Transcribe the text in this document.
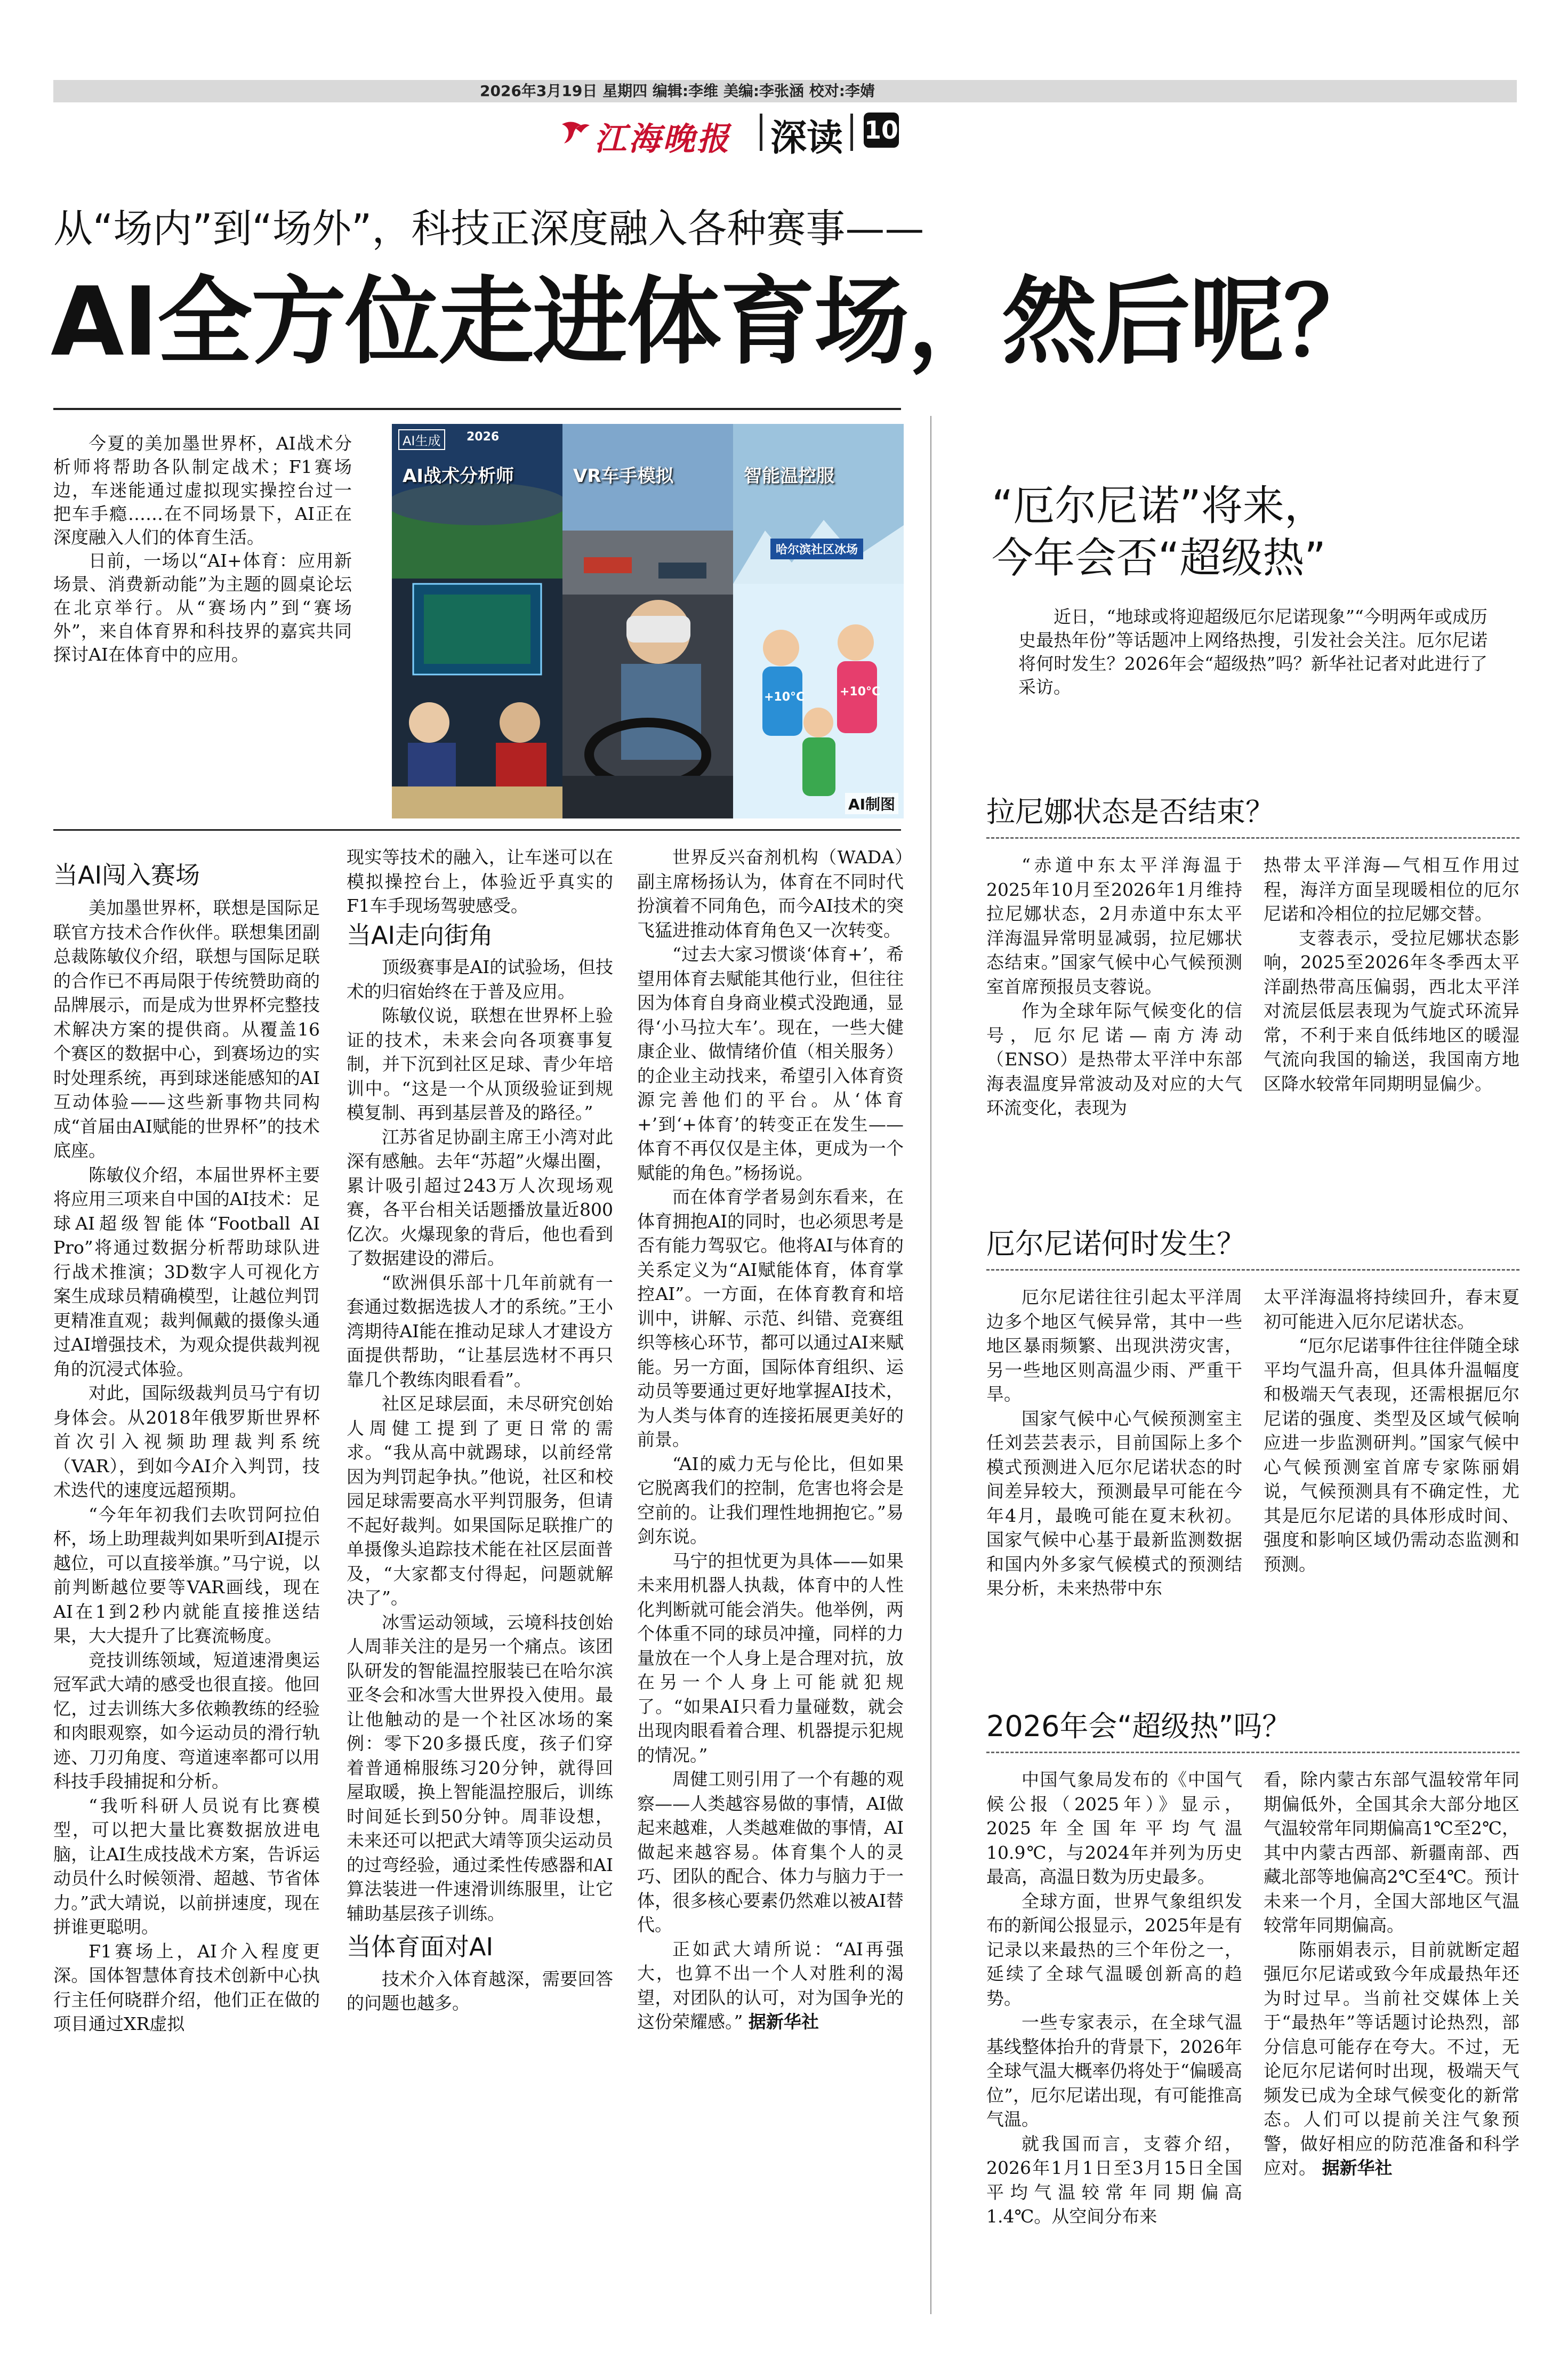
2026年3月19日 星期四 编辑:李维 美编:李张涵 校对:李婧
江海晚报 深读 10
从“场内”到“场外”，科技正深度融入各种赛事——
AI全方位走进体育场，然后呢？

今夏的美加墨世界杯，AI战术分析师将帮助各队制定战术；F1赛场边，车迷能通过虚拟现实操控台过一把车手瘾……在不同场景下，AI正在深度融入人们的体育生活。

日前，一场以“AI+体育：应用新场景、消费新动能”为主题的圆桌论坛在北京举行。从“赛场内”到“赛场外”，来自体育界和科技界的嘉宾共同探讨AI在体育中的应用。

AI生成	2026
AI战术分析师	VR车手模拟	智能温控服
哈尔滨社区冰场
+10°C	+10°C
AI制图
当AI闯入赛场

美加墨世界杯，联想是国际足联官方技术合作伙伴。联想集团副总裁陈敏仪介绍，联想与国际足联的合作已不再局限于传统赞助商的品牌展示，而是成为世界杯完整技术解决方案的提供商。从覆盖16个赛区的数据中心，到赛场边的实时处理系统，再到球迷能感知的AI互动体验——这些新事物共同构成“首届由AI赋能的世界杯”的技术底座。

陈敏仪介绍，本届世界杯主要将应用三项来自中国的AI技术：足球AI超级智能体“Football AI Pro”将通过数据分析帮助球队进行战术推演；3D数字人可视化方案生成球员精确模型，让越位判罚更精准直观；裁判佩戴的摄像头通过AI增强技术，为观众提供裁判视角的沉浸式体验。

对此，国际级裁判员马宁有切身体会。从2018年俄罗斯世界杯首次引入视频助理裁判系统（VAR），到如今AI介入判罚，技术迭代的速度远超预期。

“今年年初我们去吹罚阿拉伯杯，场上助理裁判如果听到AI提示越位，可以直接举旗。”马宁说，以前判断越位要等VAR画线，现在AI在1到2秒内就能直接推送结果，大大提升了比赛流畅度。

竞技训练领域，短道速滑奥运冠军武大靖的感受也很直接。他回忆，过去训练大多依赖教练的经验和肉眼观察，如今运动员的滑行轨迹、刀刃角度、弯道速率都可以用科技手段捕捉和分析。

“我听科研人员说有比赛模型，可以把大量比赛数据放进电脑，让AI生成技战术方案，告诉运动员什么时候领滑、超越、节省体力。”武大靖说，以前拼速度，现在拼谁更聪明。

F1赛场上，AI介入程度更深。国体智慧体育技术创新中心执行主任何晓群介绍，他们正在做的项目通过XR虚拟

现实等技术的融入，让车迷可以在模拟操控台上，体验近乎真实的F1车手现场驾驶感受。

当AI走向街角

顶级赛事是AI的试验场，但技术的归宿始终在于普及应用。

陈敏仪说，联想在世界杯上验证的技术，未来会向各项赛事复制，并下沉到社区足球、青少年培训中。“这是一个从顶级验证到规模复制、再到基层普及的路径。”

江苏省足协副主席王小湾对此深有感触。去年“苏超”火爆出圈，累计吸引超过243万人次现场观赛，各平台相关话题播放量近800亿次。火爆现象的背后，他也看到了数据建设的滞后。

“欧洲俱乐部十几年前就有一套通过数据选拔人才的系统。”王小湾期待AI能在推动足球人才建设方面提供帮助，“让基层选材不再只靠几个教练肉眼看看”。

社区足球层面，未尽研究创始人周健工提到了更日常的需求。“我从高中就踢球，以前经常因为判罚起争执。”他说，社区和校园足球需要高水平判罚服务，但请不起好裁判。如果国际足联推广的单摄像头追踪技术能在社区层面普及，“大家都支付得起，问题就解决了”。

冰雪运动领域，云境科技创始人周菲关注的是另一个痛点。该团队研发的智能温控服装已在哈尔滨亚冬会和冰雪大世界投入使用。最让他触动的是一个社区冰场的案例：零下20多摄氏度，孩子们穿着普通棉服练习20分钟，就得回屋取暖，换上智能温控服后，训练时间延长到50分钟。周菲设想，未来还可以把武大靖等顶尖运动员的过弯经验，通过柔性传感器和AI算法装进一件速滑训练服里，让它辅助基层孩子训练。

当体育面对AI

技术介入体育越深，需要回答的问题也越多。

世界反兴奋剂机构（WADA）副主席杨扬认为，体育在不同时代扮演着不同角色，而今AI技术的突飞猛进推动体育角色又一次转变。

“过去大家习惯谈‘体育+’，希望用体育去赋能其他行业，但往往因为体育自身商业模式没跑通，显得‘小马拉大车’。现在，一些大健康企业、做情绪价值（相关服务）的企业主动找来，希望引入体育资源完善他们的平台。从‘体育+’到‘+体育’的转变正在发生——体育不再仅仅是主体，更成为一个赋能的角色。”杨扬说。

而在体育学者易剑东看来，在体育拥抱AI的同时，也必须思考是否有能力驾驭它。他将AI与体育的关系定义为“AI赋能体育，体育掌控AI”。一方面，在体育教育和培训中，讲解、示范、纠错、竞赛组织等核心环节，都可以通过AI来赋能。另一方面，国际体育组织、运动员等要通过更好地掌握AI技术，为人类与体育的连接拓展更美好的前景。

“AI的威力无与伦比，但如果它脱离我们的控制，危害也将会是空前的。让我们理性地拥抱它。”易剑东说。

马宁的担忧更为具体——如果未来用机器人执裁，体育中的人性化判断就可能会消失。他举例，两个体重不同的球员冲撞，同样的力量放在一个人身上是合理对抗，放在另一个人身上可能就犯规了。“如果AI只看力量碰数，就会出现肉眼看着合理、机器提示犯规的情况。”

周健工则引用了一个有趣的观察——人类越容易做的事情，AI做起来越难，人类越难做的事情，AI做起来越容易。体育集个人的灵巧、团队的配合、体力与脑力于一体，很多核心要素仍然难以被AI替代。

正如武大靖所说：“AI再强大，也算不出一个人对胜利的渴望，对团队的认可，对为国争光的这份荣耀感。” 据新华社

“厄尔尼诺”将来，
今年会否“超级热”

近日，“地球或将迎超级厄尔尼诺现象”“今明两年或成历史最热年份”等话题冲上网络热搜，引发社会关注。厄尔尼诺将何时发生？2026年会“超级热”吗？新华社记者对此进行了采访。

拉尼娜状态是否结束？

“赤道中东太平洋海温于2025年10月至2026年1月维持拉尼娜状态，2月赤道中东太平洋海温异常明显减弱，拉尼娜状态结束。”国家气候中心气候预测室首席预报员支蓉说。

作为全球年际气候变化的信号，厄尔尼诺—南方涛动（ENSO）是热带太平洋中东部海表温度异常波动及对应的大气环流变化，表现为

热带太平洋海—气相互作用过程，海洋方面呈现暖相位的厄尔尼诺和冷相位的拉尼娜交替。

支蓉表示，受拉尼娜状态影响，2025至2026年冬季西太平洋副热带高压偏弱，西北太平洋对流层低层表现为气旋式环流异常，不利于来自低纬地区的暖湿气流向我国的输送，我国南方地区降水较常年同期明显偏少。

厄尔尼诺何时发生？

厄尔尼诺往往引起太平洋周边多个地区气候异常，其中一些地区暴雨频繁、出现洪涝灾害，另一些地区则高温少雨、严重干旱。

国家气候中心气候预测室主任刘芸芸表示，目前国际上多个模式预测进入厄尔尼诺状态的时间差异较大，预测最早可能在今年4月，最晚可能在夏末秋初。国家气候中心基于最新监测数据和国内外多家气候模式的预测结果分析，未来热带中东

太平洋海温将持续回升，春末夏初可能进入厄尔尼诺状态。

“厄尔尼诺事件往往伴随全球平均气温升高，但具体升温幅度和极端天气表现，还需根据厄尔尼诺的强度、类型及区域气候响应进一步监测研判。”国家气候中心气候预测室首席专家陈丽娟说，气候预测具有不确定性，尤其是厄尔尼诺的具体形成时间、强度和影响区域仍需动态监测和预测。

2026年会“超级热”吗？

中国气象局发布的《中国气候公报（2025年）》显示，2025年全国年平均气温10.9℃，与2024年并列为历史最高，高温日数为历史最多。

全球方面，世界气象组织发布的新闻公报显示，2025年是有记录以来最热的三个年份之一，延续了全球气温暖创新高的趋势。

一些专家表示，在全球气温基线整体抬升的背景下，2026年全球气温大概率仍将处于“偏暖高位”，厄尔尼诺出现，有可能推高气温。

就我国而言，支蓉介绍，2026年1月1日至3月15日全国平均气温较常年同期偏高1.4℃。从空间分布来

看，除内蒙古东部气温较常年同期偏低外，全国其余大部分地区气温较常年同期偏高1℃至2℃，其中内蒙古西部、新疆南部、西藏北部等地偏高2℃至4℃。预计未来一个月，全国大部地区气温较常年同期偏高。

陈丽娟表示，目前就断定超强厄尔尼诺或致今年成最热年还为时过早。当前社交媒体上关于“最热年”等话题讨论热烈，部分信息可能存在夸大。不过，无论厄尔尼诺何时出现，极端天气频发已成为全球气候变化的新常态。人们可以提前关注气象预警，做好相应的防范准备和科学应对。 据新华社
